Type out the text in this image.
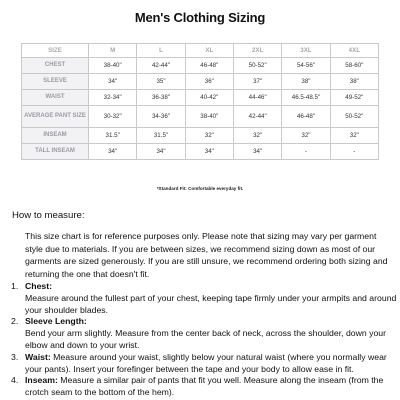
Men's Clothing Sizing
SIZE	M	L	XL	2XL	3XL	4XL
CHEST	38-40"	42-44"	46-48"	50-52"	54-56"	58-60"
SLEEVE	34"	35"	36"	37"	38"	38"
WAIST	32-34"	36-38"	40-42"	44-46"	46.5-48.5"	49-52"
AVERAGE PANT SIZE	30-32"	34-36"	38-40"	42-44"	46-48"	50-52"
INSEAM	31.5"	31.5"	32"	32"	32"	32"
TALL INSEAM	34"	34"	34"	34"	-	-
*Standard Fit: Comfortable everyday fit.
How to measure:
This size chart is for reference purposes only. Please note that sizing may vary per garment style due to materials. If you are between sizes, we recommend sizing down as most of our garments are sized generously. If you are still unsure, we recommend ordering both sizing and returning the one that doesn't fit.
1. Chest:
Measure around the fullest part of your chest, keeping tape firmly under your armpits and around your shoulder blades.
2. Sleeve Length:
Bend your arm slightly. Measure from the center back of neck, across the shoulder, down your elbow and down to your wrist.
3. Waist: Measure around your waist, slightly below your natural waist (where you normally wear your pants). Insert your forefinger between the tape and your body to allow ease in fit.
4. Inseam: Measure a similar pair of pants that fit you well. Measure along the inseam (from the crotch seam to the bottom of the hem).
